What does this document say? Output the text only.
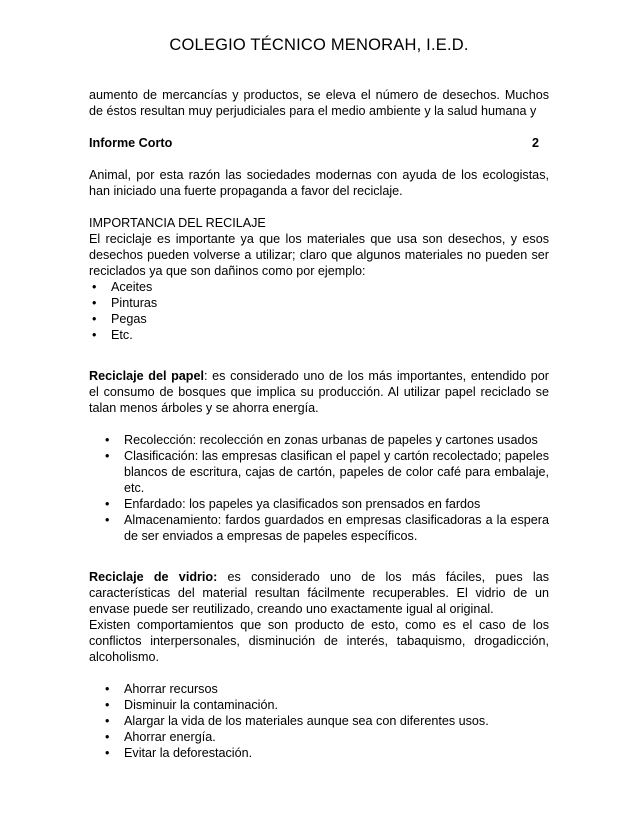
COLEGIO TÉCNICO MENORAH, I.E.D.

aumento de mercancías y productos, se eleva el número de desechos. Muchos de éstos resultan muy perjudiciales para el medio ambiente y la salud humana y

Informe Corto	2

Animal, por esta razón las sociedades modernas con ayuda de los ecologistas, han iniciado una fuerte propaganda a favor del reciclaje.

IMPORTANCIA DEL RECILAJE

El reciclaje es importante ya que los materiales que usa son desechos, y esos desechos pueden volverse a utilizar; claro que algunos materiales no pueden ser reciclados ya que son dañinos como por ejemplo:

• Aceites
• Pinturas
• Pegas
• Etc.

Reciclaje del papel: es considerado uno de los más importantes, entendido por el consumo de bosques que implica su producción. Al utilizar papel reciclado se talan menos árboles y se ahorra energía.

• Recolección: recolección en zonas urbanas de papeles y cartones usados
• Clasificación: las empresas clasifican el papel y cartón recolectado; papeles blancos de escritura, cajas de cartón, papeles de color café para embalaje, etc.
• Enfardado: los papeles ya clasificados son prensados en fardos
• Almacenamiento: fardos guardados en empresas clasificadoras a la espera de ser enviados a empresas de papeles específicos.

Reciclaje de vidrio: es considerado uno de los más fáciles, pues las características del material resultan fácilmente recuperables. El vidrio de un envase puede ser reutilizado, creando uno exactamente igual al original.

Existen comportamientos que son producto de esto, como es el caso de los conflictos interpersonales, disminución de interés, tabaquismo, drogadicción, alcoholismo.

• Ahorrar recursos
• Disminuir la contaminación.
• Alargar la vida de los materiales aunque sea con diferentes usos.
• Ahorrar energía.
• Evitar la deforestación.
